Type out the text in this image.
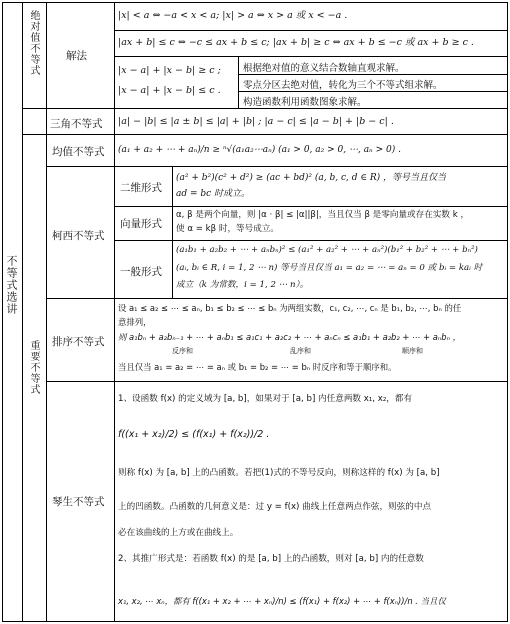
不等式选讲
绝对值不等式
重要不等式
解法
三角不等式
|x| < a ⇔ −a < x < a; |x| > a ⇔ x > a 或 x < −a .
|ax + b| ≤ c ⇔ −c ≤ ax + b ≤ c; |ax + b| ≥ c ⇔ ax + b ≤ −c 或 ax + b ≥ c .
|x − a| + |x − b| ≥ c ;
|x − a| + |x − b| ≤ c .
根据绝对值的意义结合数轴直观求解。
零点分区去绝对值，转化为三个不等式组求解。
构造函数利用函数图象求解。
|a| − |b| ≤ |a ± b| ≤ |a| + |b| ; |a − c| ≤ |a − b| + |b − c| .
均值不等式 (a₁ + a₂ + ⋯ + aₙ)/n ≥ ⁿ√(a₁a₂⋯aₙ) (a₁ > 0, a₂ > 0, ⋯, aₙ > 0) .
柯西不等式
二维形式
(a² + b²)(c² + d²) ≥ (ac + bd)² (a, b, c, d ∈ R) ，等号当且仅当
ad = bc 时成立。
向量形式
α, β 是两个向量，则 |α · β| ≤ |α||β|，当且仅当 β 是零向量或存在实数 k ，
使 α = kβ 时，等号成立。
一般形式
(a₁b₁ + a₂b₂ + ⋯ + aₙbₙ)² ≤ (a₁² + a₂² + ⋯ + aₙ²)(b₁² + b₂² + ⋯ + bₙ²)
(aᵢ, bᵢ ∈ R, i = 1, 2 ⋯ n) 等号当且仅当 a₁ = a₂ = ⋯ = aₙ = 0 或 bᵢ = kaᵢ 时
成立（k 为常数，i = 1, 2 ⋯ n）。
排序不等式
设 a₁ ≤ a₂ ≤ ⋯ ≤ aₙ, b₁ ≤ b₂ ≤ ⋯ ≤ bₙ 为两组实数，c₁, c₂, ⋯, cₙ 是 b₁, b₂, ⋯, bₙ 的任
意排列，
则 a₁bₙ + a₂bₙ₋₁ + ⋯ + aₙb₁ ≤ a₁c₁ + a₂c₂ + ⋯ + aₙcₙ ≤ a₁b₁ + a₂b₂ + ⋯ + aₙbₙ ，
反序和	乱序和	顺序和
当且仅当 a₁ = a₂ = ⋯ = aₙ 或 b₁ = b₂ = ⋯ = bₙ 时反序和等于顺序和。
琴生不等式
1、设函数 f(x) 的定义域为 [a, b]，如果对于 [a, b] 内任意两数 x₁, x₂，都有
f((x₁ + x₂)/2) ≤ (f(x₁) + f(x₂))/2 .
则称 f(x) 为 [a, b] 上的凸函数。若把(1)式的不等号反向，则称这样的 f(x) 为 [a, b]
上的凹函数。凸函数的几何意义是：过 y = f(x) 曲线上任意两点作弦，则弦的中点
必在该曲线的上方或在曲线上。
2、其推广形式是：若函数 f(x) 的是 [a, b] 上的凸函数，则对 [a, b] 内的任意数
x₁, x₂, ⋯ xₙ，都有 f((x₁ + x₂ + ⋯ + xₙ)/n) ≤ (f(x₁) + f(x₂) + ⋯ + f(xₙ))/n . 当且仅
